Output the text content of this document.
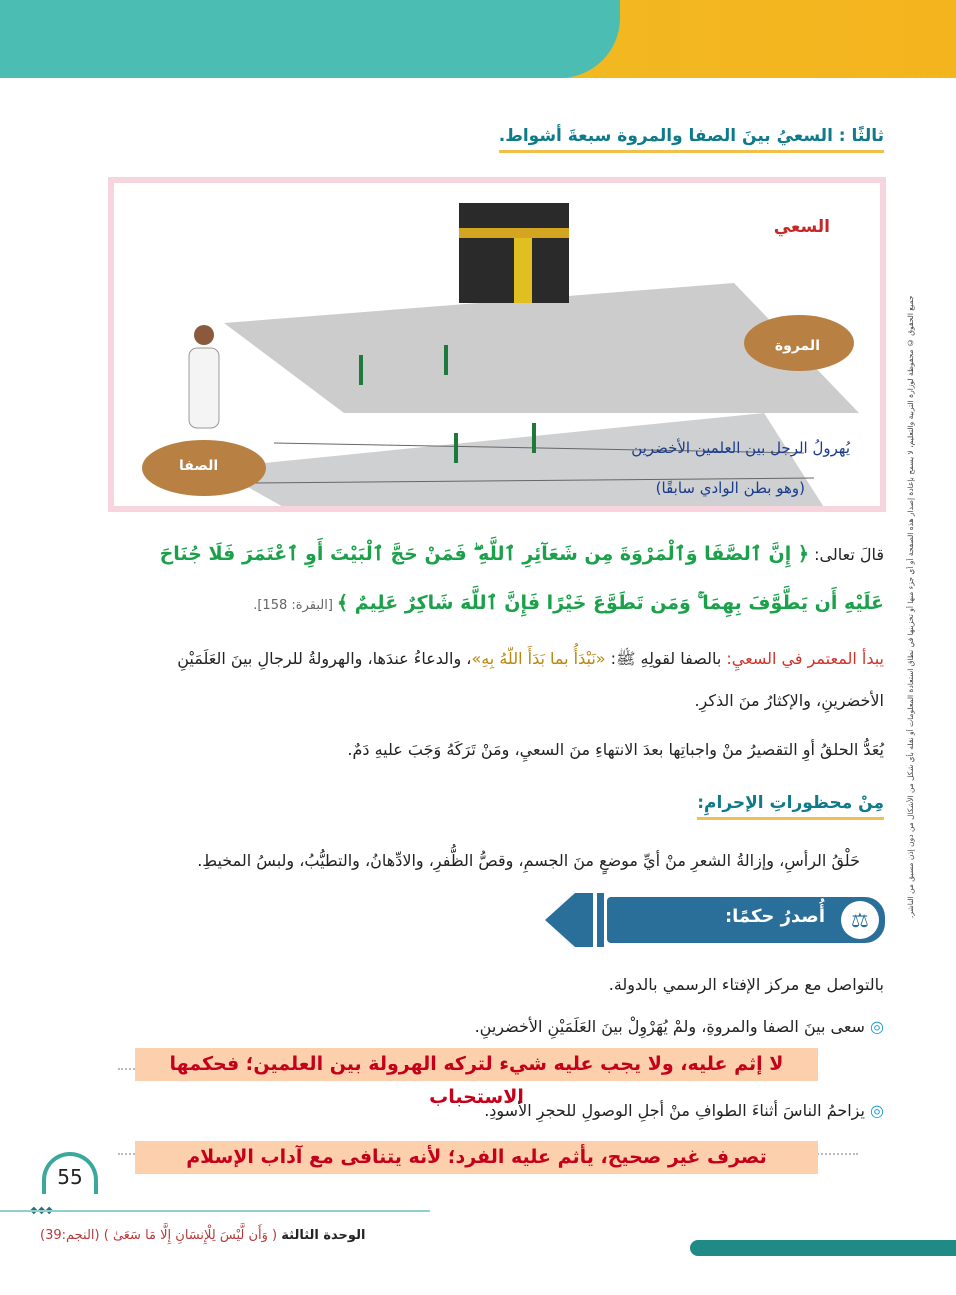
ثالثًا : السعيُ بينَ الصفا والمروة سبعةَ أشواط.
السعي
المروة
الصفا
يُهرولُ الرجل بين العلمين الأخضرين
(وهو بطن الوادي سابقًا)
قالَ تعالى: ﴿ إِنَّ ٱلصَّفَا وَٱلْمَرْوَةَ مِن شَعَآئِرِ ٱللَّهِ ۖ فَمَنْ حَجَّ ٱلْبَيْتَ أَوِ ٱعْتَمَرَ فَلَا جُنَاحَ عَلَيْهِ أَن يَطَّوَّفَ بِهِمَا ۚ وَمَن تَطَوَّعَ خَيْرًا فَإِنَّ ٱللَّهَ شَاكِرٌ عَلِيمٌ ﴾ [البقرة: 158].
يبدأ المعتمر في السعيِ: بالصفا لقولِهِ ﷺ: «نَبْدَأُ بما بَدَأَ اللّهُ بِهِ»، والدعاءُ عندَها، والهرولةُ للرجالِ بينَ العَلَمَيْنِ الأخضرينِ، والإكثارُ منَ الذكرِ.
يُعَدُّ الحلقُ أوِ التقصيرُ منْ واجباتِها بعدَ الانتهاءِ منَ السعيِ، ومَنْ تَرَكَهُ وَجَبَ عليهِ دَمٌ.
مِنْ محظوراتِ الإحرامِ:
حَلْقُ الرأسِ، وإزالةُ الشعرِ منْ أيِّ موضعٍ منَ الجسمِ، وقصُّ الظُّفرِ، والادِّهانُ، والتطيُّبُ، ولبسُ المخيطِ.
⚖
أُصدرُ حكمًا:
بالتواصل مع مركز الإفتاء الرسمي بالدولة.
◎ سعى بينَ الصفا والمروةِ، ولمْ يُهَرْوِلْ بينَ العَلَمَيْنِ الأخضرينِ.
لا إثم عليه، ولا يجب عليه شيء لتركه الهرولة بين العلمين؛ فحكمها الاستحباب
◎ يزاحمُ الناسَ أثناءَ الطوافِ منْ أجلِ الوصولِ للحجرِ الأسودِ.
تصرف غير صحيح، يأثم عليه الفرد؛ لأنه يتنافى مع آداب الإسلام
55
◆◆◆
الوحدة الثالثة ( وَأَن لَّيْسَ لِلْإِنسَانِ إِلَّا مَا سَعَىٰ ) (النجم:39)
جميع الحقوق © محفوظة لوزارة التربية والتعليم، لا يسمح بإعادة إصدار هذه الصفحة أو أي جزء منها أو تخزينها في نطاق استعادة المعلومات أو نقله بأي شكل من الأشكال من دون إذن مسبق من الناشر.
